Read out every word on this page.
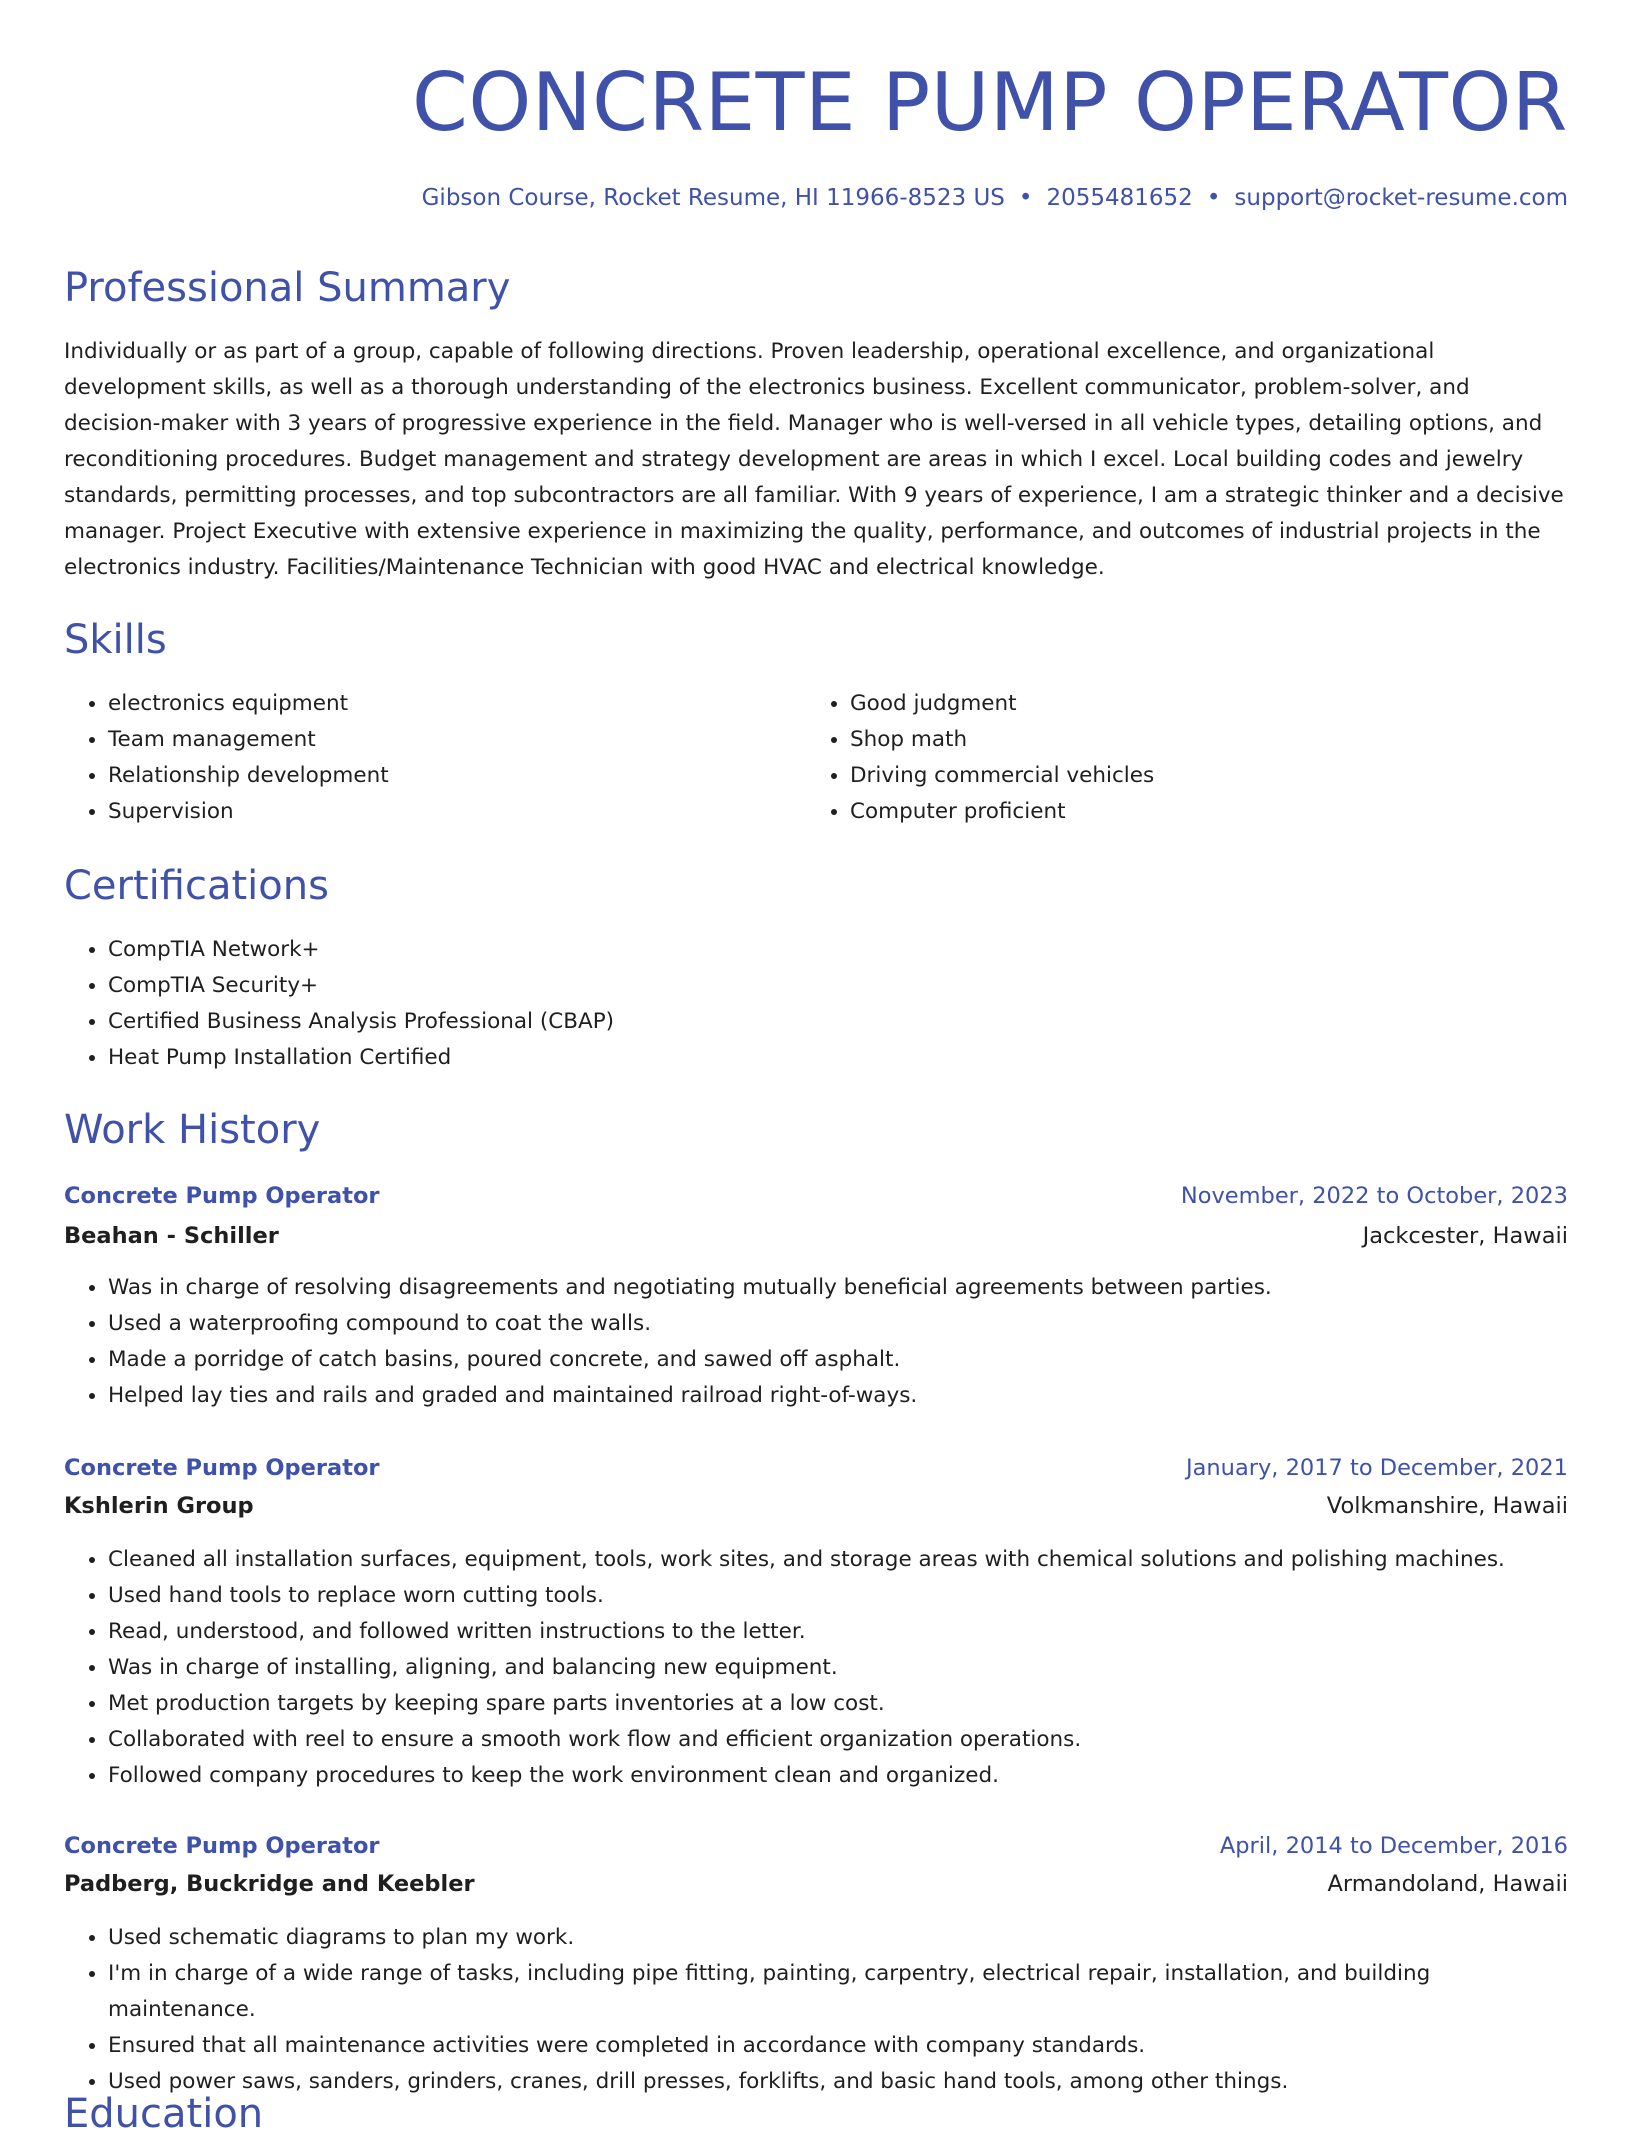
CONCRETE PUMP OPERATOR
Gibson Course, Rocket Resume, HI 11966-8523 US • 2055481652 • support@rocket-resume.com
Professional Summary

Individually or as part of a group, capable of following directions. Proven leadership, operational excellence, and organizational development skills, as well as a thorough understanding of the electronics business. Excellent communicator, problem-solver, and decision-maker with 3 years of progressive experience in the field. Manager who is well-versed in all vehicle types, detailing options, and reconditioning procedures. Budget management and strategy development are areas in which I excel. Local building codes and jewelry standards, permitting processes, and top subcontractors are all familiar. With 9 years of experience, I am a strategic thinker and a decisive manager. Project Executive with extensive experience in maximizing the quality, performance, and outcomes of industrial projects in the electronics industry. Facilities/Maintenance Technician with good HVAC and electrical knowledge.

Skills
• electronics equipment
• Team management
• Relationship development
• Supervision
• Good judgment
• Shop math
• Driving commercial vehicles
• Computer proficient
Certifications
• CompTIA Network+
• CompTIA Security+
• Certified Business Analysis Professional (CBAP)
• Heat Pump Installation Certified
Work History
Concrete Pump Operator	November, 2022 to October, 2023
Beahan - Schiller	Jackcester, Hawaii
• Was in charge of resolving disagreements and negotiating mutually beneficial agreements between parties.
• Used a waterproofing compound to coat the walls.
• Made a porridge of catch basins, poured concrete, and sawed off asphalt.
• Helped lay ties and rails and graded and maintained railroad right-of-ways.
Concrete Pump Operator	January, 2017 to December, 2021
Kshlerin Group	Volkmanshire, Hawaii
• Cleaned all installation surfaces, equipment, tools, work sites, and storage areas with chemical solutions and polishing machines.
• Used hand tools to replace worn cutting tools.
• Read, understood, and followed written instructions to the letter.
• Was in charge of installing, aligning, and balancing new equipment.
• Met production targets by keeping spare parts inventories at a low cost.
• Collaborated with reel to ensure a smooth work flow and efficient organization operations.
• Followed company procedures to keep the work environment clean and organized.
Concrete Pump Operator	April, 2014 to December, 2016
Padberg, Buckridge and Keebler	Armandoland, Hawaii
• Used schematic diagrams to plan my work.
• I'm in charge of a wide range of tasks, including pipe fitting, painting, carpentry, electrical repair, installation, and building maintenance.
• Ensured that all maintenance activities were completed in accordance with company standards.
• Used power saws, sanders, grinders, cranes, drill presses, forklifts, and basic hand tools, among other things.
Education
